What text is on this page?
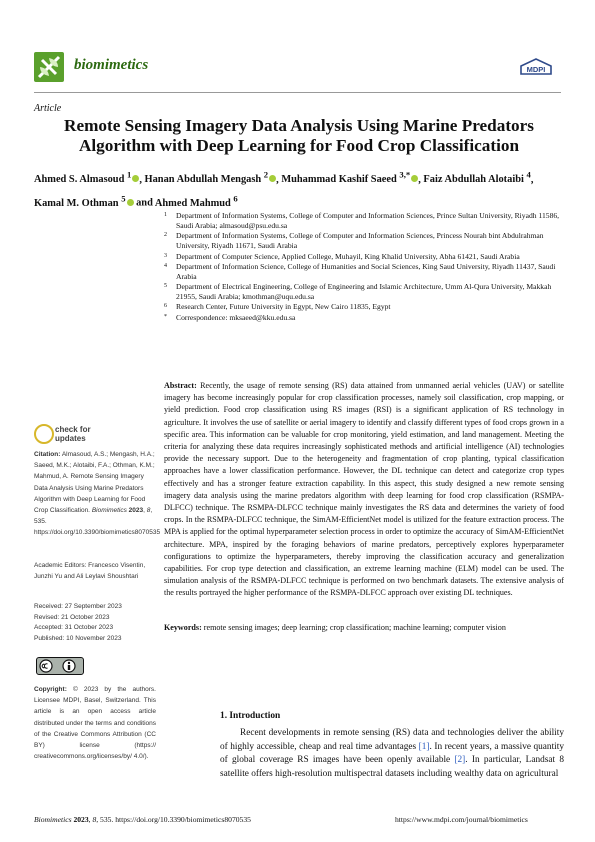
biomimetics	MDPI
Article
Remote Sensing Imagery Data Analysis Using Marine Predators Algorithm with Deep Learning for Food Crop Classification
Ahmed S. Almasoud $^1$ , Hanan Abdullah Mengash $^2$ , Muhammad Kashif Saeed $^{3,*}$ , Faiz Abdullah Alotaibi $^4$,
Kamal M. Othman $^5$ and Ahmed Mahmud $^6$
1 Department of Information Systems, College of Computer and Information Sciences, Prince Sultan University, Riyadh 11586, Saudi Arabia; almasoud@psu.edu.sa
2 Department of Information Systems, College of Computer and Information Sciences, Princess Nourah bint Abdulrahman University, Riyadh 11671, Saudi Arabia
3 Department of Computer Science, Applied College, Muhayil, King Khalid University, Abha 61421, Saudi Arabia
4 Department of Information Science, College of Humanities and Social Sciences, King Saud University, Riyadh 11437, Saudi Arabia
5 Department of Electrical Engineering, College of Engineering and Islamic Architecture, Umm Al-Qura University, Makkah 21955, Saudi Arabia; kmothman@uqu.edu.sa
6 Research Center, Future University in Egypt, New Cairo 11835, Egypt
* Correspondence: mksaeed@kku.edu.sa
Abstract: Recently, the usage of remote sensing (RS) data attained from unmanned aerial vehicles (UAV) or satellite imagery has become increasingly popular for crop classification processes, namely soil classification, crop mapping, or yield prediction. Food crop classification using RS images (RSI) is a significant application of RS technology in agriculture. It involves the use of satellite or aerial imagery to identify and classify different types of food crops grown in a specific area. This information can be valuable for crop monitoring, yield estimation, and land management. Meeting the criteria for analyzing these data requires increasingly sophisticated methods and artificial intelligence (AI) technologies provide the necessary support. Due to the heterogeneity and fragmentation of crop planting, typical classification approaches have a lower classification performance. However, the DL technique can detect and categorize crop types effectively and has a stronger feature extraction capability. In this aspect, this study designed a new remote sensing imagery data analysis using the marine predators algorithm with deep learning for food crop classification (RSMPA-DLFCC) technique. The RSMPA-DLFCC technique mainly investigates the RS data and determines the variety of food crops. In the RSMPA-DLFCC technique, the SimAM-EfficientNet model is utilized for the feature extraction process. The MPA is applied for the optimal hyperparameter selection process in order to optimize the accuracy of SimAM-EfficientNet architecture. MPA, inspired by the foraging behaviors of marine predators, perceptively explores hyperparameter configurations to optimize the hyperparameters, thereby improving the classification accuracy and generalization capabilities. For crop type detection and classification, an extreme learning machine (ELM) model can be used. The simulation analysis of the RSMPA-DLFCC technique is performed on two benchmark datasets. The extensive analysis of the results portrayed the higher performance of the RSMPA-DLFCC approach over existing DL techniques.
Keywords: remote sensing images; deep learning; crop classification; machine learning; computer vision
check for
updates
Citation: Almasoud, A.S.; Mengash, H.A.; Saeed, M.K.; Alotaibi, F.A.; Othman, K.M.; Mahmud, A. Remote Sensing Imagery Data Analysis Using Marine Predators Algorithm with Deep Learning for Food Crop Classification. Biomimetics 2023, 8, 535. https://doi.org/10.3390/biomimetics8070535
Academic Editors: Francesco Visentin, Junzhi Yu and Ali Leylavi Shoushtari
Received: 27 September 2023
Revised: 21 October 2023
Accepted: 31 October 2023
Published: 10 November 2023
Copyright: © 2023 by the authors. Licensee MDPI, Basel, Switzerland. This article is an open access article distributed under the terms and conditions of the Creative Commons Attribution (CC BY) license (https:// creativecommons.org/licenses/by/ 4.0/).
1. Introduction
Recent developments in remote sensing (RS) data and technologies deliver the ability of highly accessible, cheap and real time advantages [1]. In recent years, a massive quantity of global coverage RS images have been openly available [2]. In particular, Landsat 8 satellite offers high-resolution multispectral datasets including wealthy data on agricultural
Biomimetics 2023, 8, 535. https://doi.org/10.3390/biomimetics8070535	https://www.mdpi.com/journal/biomimetics
